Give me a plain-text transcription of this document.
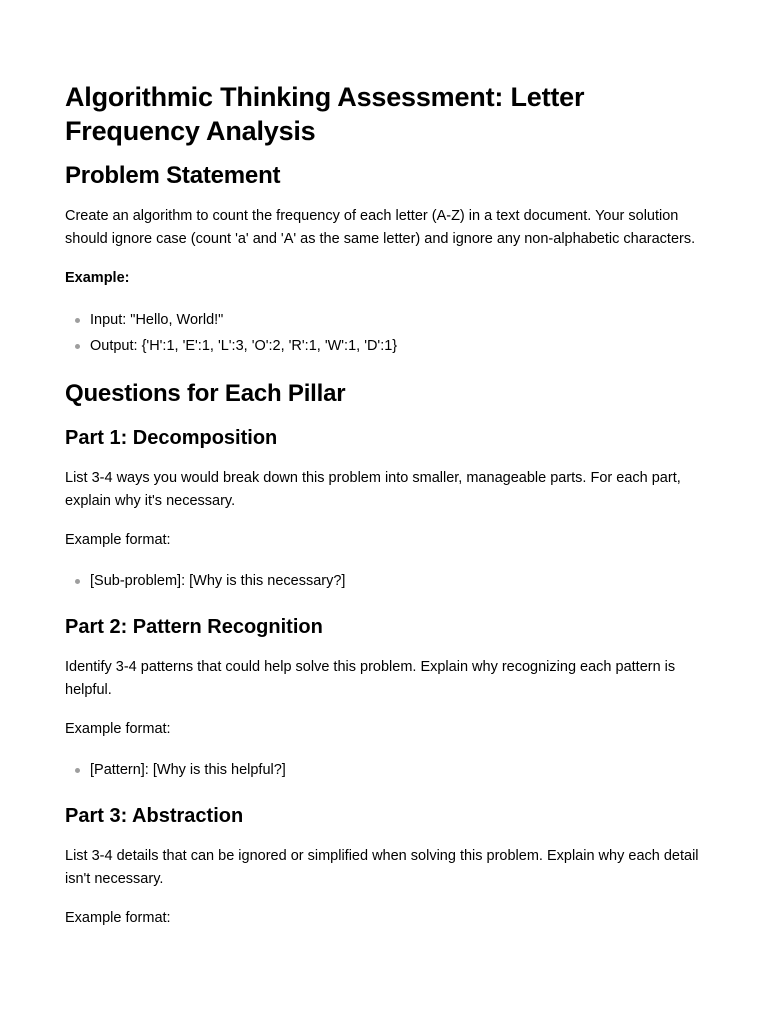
Algorithmic Thinking Assessment: Letter Frequency Analysis
Problem Statement

Create an algorithm to count the frequency of each letter (A-Z) in a text document. Your solution should ignore case (count 'a' and 'A' as the same letter) and ignore any non-alphabetic characters.

Example:

Input: "Hello, World!"
Output: {'H':1, 'E':1, 'L':3, 'O':2, 'R':1, 'W':1, 'D':1}
Questions for Each Pillar
Part 1: Decomposition

List 3-4 ways you would break down this problem into smaller, manageable parts. For each part, explain why it's necessary.

Example format:

[Sub-problem]: [Why is this necessary?]
Part 2: Pattern Recognition

Identify 3-4 patterns that could help solve this problem. Explain why recognizing each pattern is helpful.

Example format:

[Pattern]: [Why is this helpful?]
Part 3: Abstraction

List 3-4 details that can be ignored or simplified when solving this problem. Explain why each detail isn't necessary.

Example format:
